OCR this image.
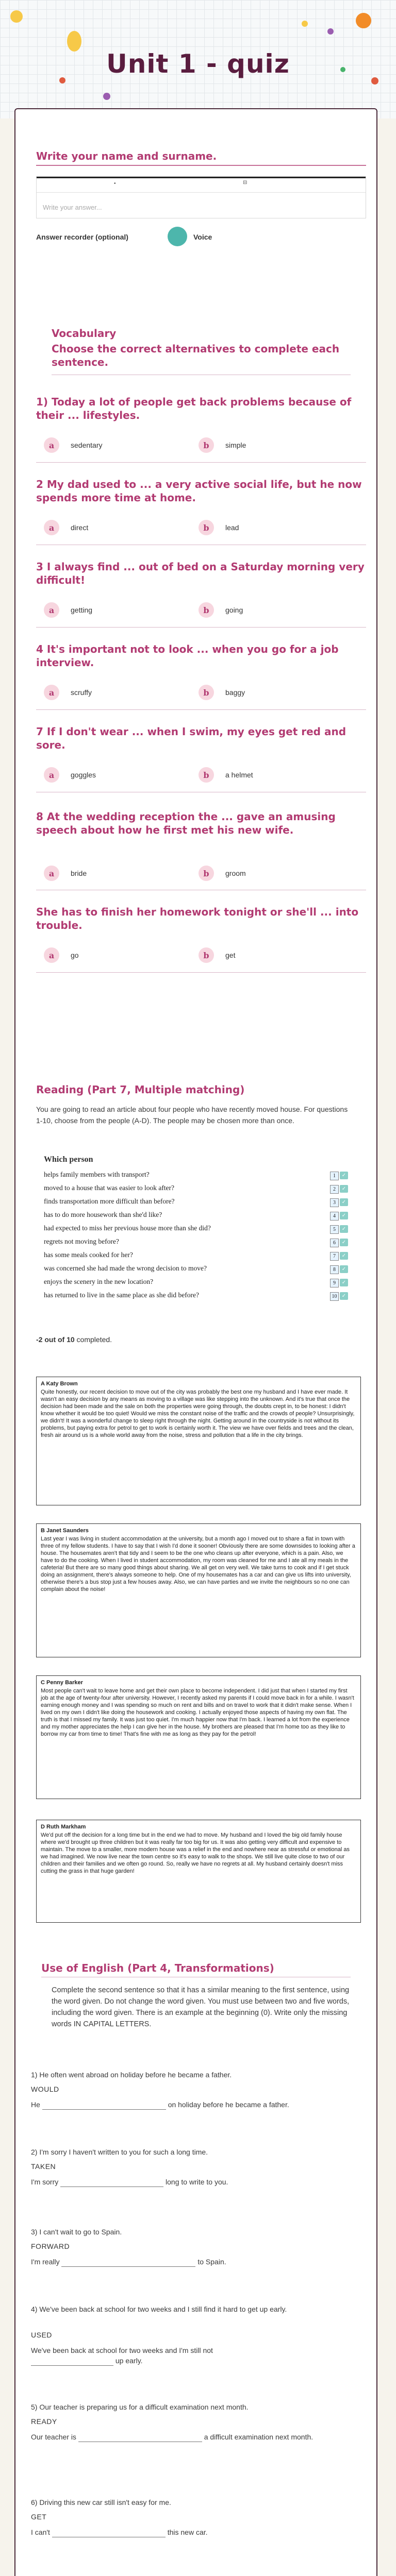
Unit 1 - quiz
Write your name and surname.
•	⊟
Write your answer...
Answer recorder (optional)	Voice
Vocabulary
Choose the correct alternatives to complete each sentence.
1) Today a lot of people get back problems because of their ... lifestyles.
a	sedentary	b	simple
2 My dad used to ... a very active social life, but he now spends more time at home.
a	direct	b	lead
3 I always find ... out of bed on a Saturday morning very difficult!
a	getting	b	going
4 It's important not to look ... when you go for a job interview.
a	scruffy	b	baggy
7 If I don't wear ... when I swim, my eyes get red and sore.
a	goggles	b	a helmet
8 At the wedding reception the ... gave an amusing speech about how he first met his new wife.
a	bride	b	groom
She has to finish her homework tonight or she'll ... into trouble.
a	go	b	get
Reading (Part 7, Multiple matching)
You are going to read an article about four people who have recently moved house. For questions 1-10, choose from the people (A-D). The people may be chosen more than once.
Which person
helps family members with transport?	1	✓
moved to a house that was easier to look after?	2	✓
finds transportation more difficult than before?	3	✓
has to do more housework than she'd like?	4	✓
had expected to miss her previous house more than she did?	5	✓
regrets not moving before?	6	✓
has some meals cooked for her?	7	✓
was concerned she had made the wrong decision to move?	8	✓
enjoys the scenery in the new location?	9	✓
has returned to live in the same place as she did before?	10 ✓
-2 out of 10 completed.
A Katy Brown
Quite honestly, our recent decision to move out of the city was probably the best one my husband and I have ever made. It wasn't an easy decision by any means as moving to a village was like stepping into the unknown. And it's true that once the decision had been made and the sale on both the properties were going through, the doubts crept in, to be honest: I didn't know whether it would be too quiet! Would we miss the constant noise of the traffic and the crowds of people? Unsurprisingly, we didn't! It was a wonderful change to sleep right through the night. Getting around in the countryside is not without its problems, but paying extra for petrol to get to work is certainly worth it. The view we have over fields and trees and the clean, fresh air around us is a whole world away from the noise, stress and pollution that a life in the city brings.
B Janet Saunders
Last year I was living in student accommodation at the university, but a month ago I moved out to share a flat in town with three of my fellow students. I have to say that I wish I'd done it sooner! Obviously there are some downsides to looking after a house. The housemates aren't that tidy and I seem to be the one who cleans up after everyone, which is a pain. Also, we have to do the cooking. When I lived in student accommodation, my room was cleaned for me and I ate all my meals in the cafeteria! But there are so many good things about sharing. We all get on very well. We take turns to cook and if I get stuck doing an assignment, there's always someone to help. One of my housemates has a car and can give us lifts into university, otherwise there's a bus stop just a few houses away. Also, we can have parties and we invite the neighbours so no one can complain about the noise!
C Penny Barker
Most people can't wait to leave home and get their own place to become independent. I did just that when I started my first job at the age of twenty-four after university. However, I recently asked my parents if I could move back in for a while. I wasn't earning enough money and I was spending so much on rent and bills and on travel to work that it didn't make sense. When I lived on my own I didn't like doing the housework and cooking. I actually enjoyed those aspects of having my own flat. The truth is that I missed my family. It was just too quiet. I'm much happier now that I'm back. I learned a lot from the experience and my mother appreciates the help I can give her in the house. My brothers are pleased that I'm home too as they like to borrow my car from time to time! That's fine with me as long as they pay for the petrol!
D Ruth Markham
We'd put off the decision for a long time but in the end we had to move. My husband and I loved the big old family house where we'd brought up three children but it was really far too big for us. It was also getting very difficult and expensive to maintain. The move to a smaller, more modern house was a relief in the end and nowhere near as stressful or emotional as we had imagined. We now live near the town centre so it's easy to walk to the shops. We still live quite close to two of our children and their families and we often go round. So, really we have no regrets at all. My husband certainly doesn't miss cutting the grass in that huge garden!
Use of English (Part 4, Transformations)
Complete the second sentence so that it has a similar meaning to the first sentence, using the word given. Do not change the word given. You must use between two and five words, including the word given. There is an example at the beginning (0). Write only the missing words IN CAPITAL LETTERS.
1) He often went abroad on holiday before he became a father.
WOULD
He	on holiday before he became a father.
2) I'm sorry I haven't written to you for such a long time.
TAKEN
I'm sorry	long to write to you.
3) I can't wait to go to Spain.
FORWARD
I'm really	to Spain.
4) We've been back at school for two weeks and I still find it hard to get up early.
USED
We've been back at school for two weeks and I'm still not  up early.
5) Our teacher is preparing us for a difficult examination next month.
READY
Our teacher is	a difficult examination next month.
6) Driving this new car still isn't easy for me.
GET
I can't	this new car.
